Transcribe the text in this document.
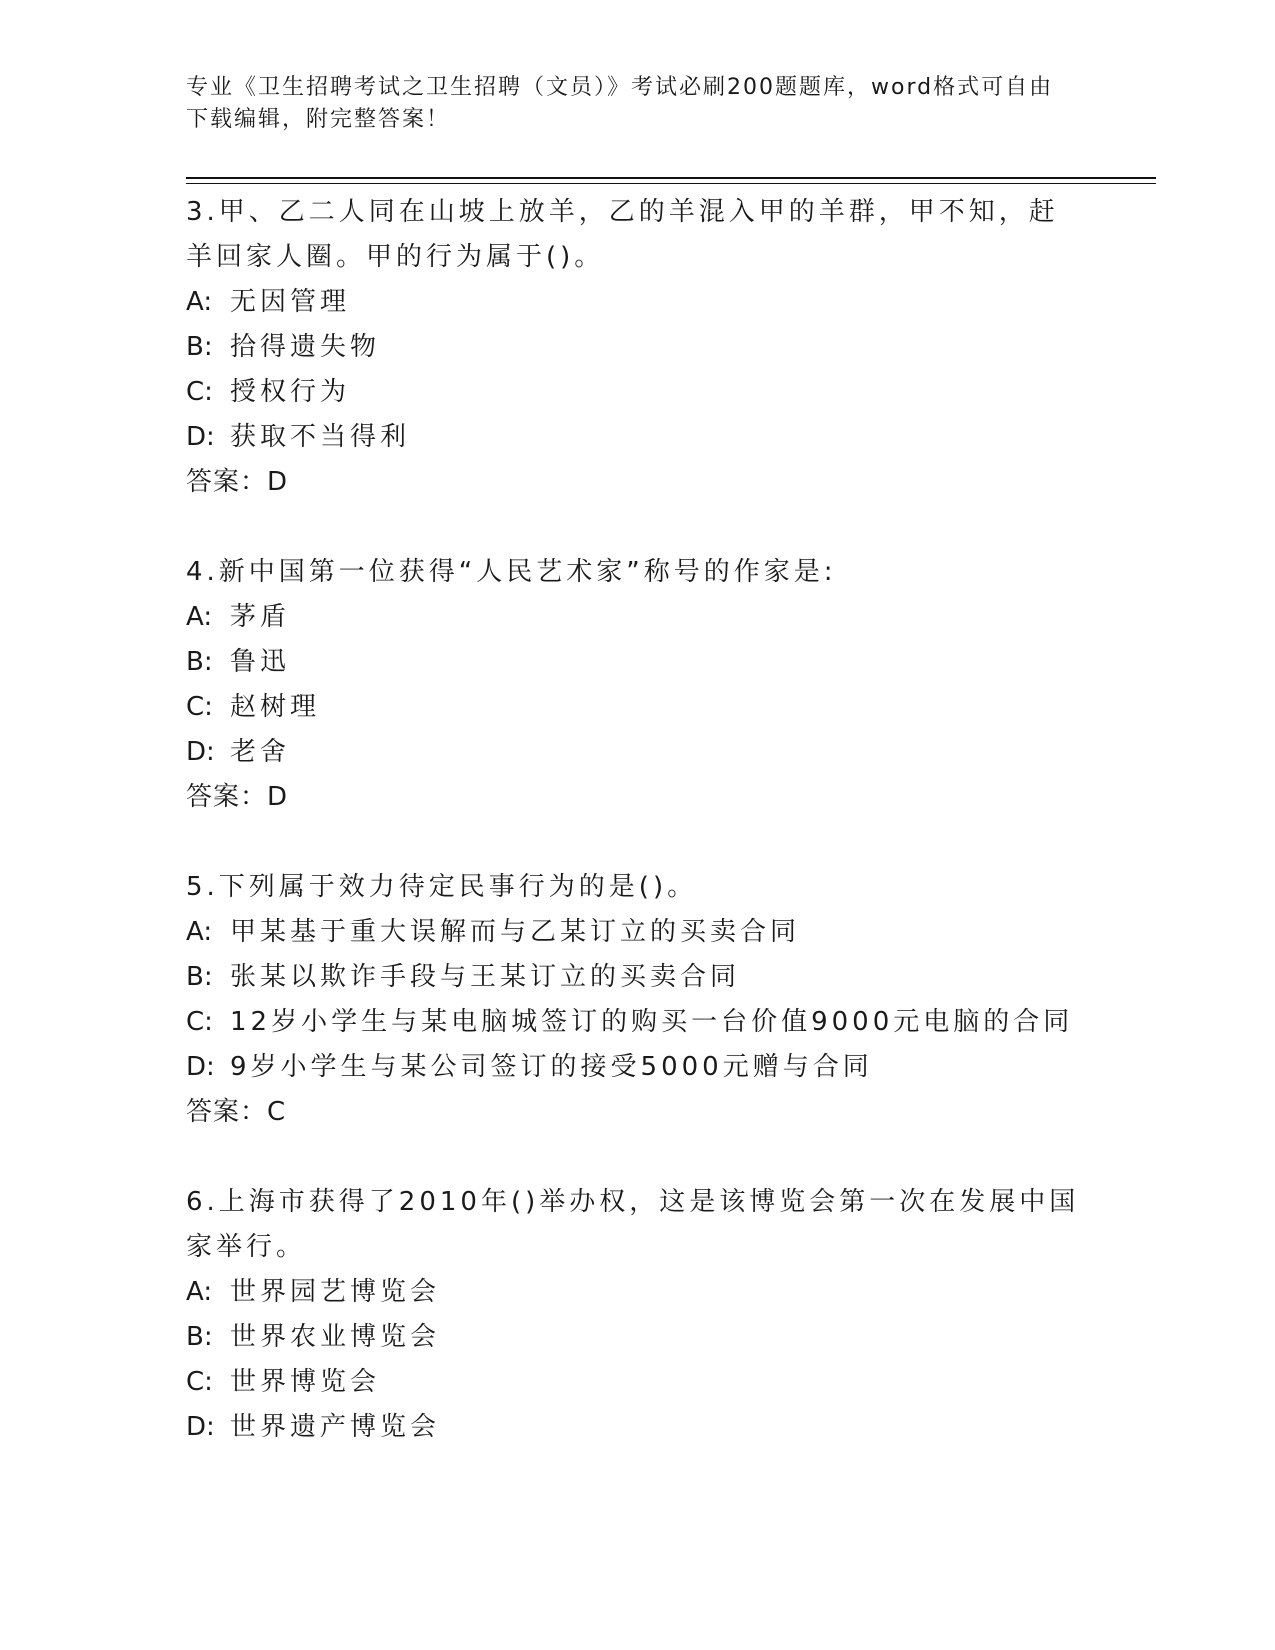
专业《卫生招聘考试之卫生招聘（文员）》考试必刷200题题库，word格式可自由下载编辑，附完整答案！
3.甲、乙二人同在山坡上放羊，乙的羊混入甲的羊群，甲不知，赶羊回家人圈。甲的行为属于()。
A: 无因管理
B: 拾得遗失物
C: 授权行为
D: 获取不当得利
答案：D
4.新中国第一位获得“人民艺术家”称号的作家是:
A: 茅盾
B: 鲁迅
C: 赵树理
D: 老舍
答案：D
5.下列属于效力待定民事行为的是()。
A: 甲某基于重大误解而与乙某订立的买卖合同
B: 张某以欺诈手段与王某订立的买卖合同
C: 12岁小学生与某电脑城签订的购买一台价值9000元电脑的合同
D: 9岁小学生与某公司签订的接受5000元赠与合同
答案：C
6.上海市获得了2010年()举办权，这是该博览会第一次在发展中国家举行。
A: 世界园艺博览会
B: 世界农业博览会
C: 世界博览会
D: 世界遗产博览会
